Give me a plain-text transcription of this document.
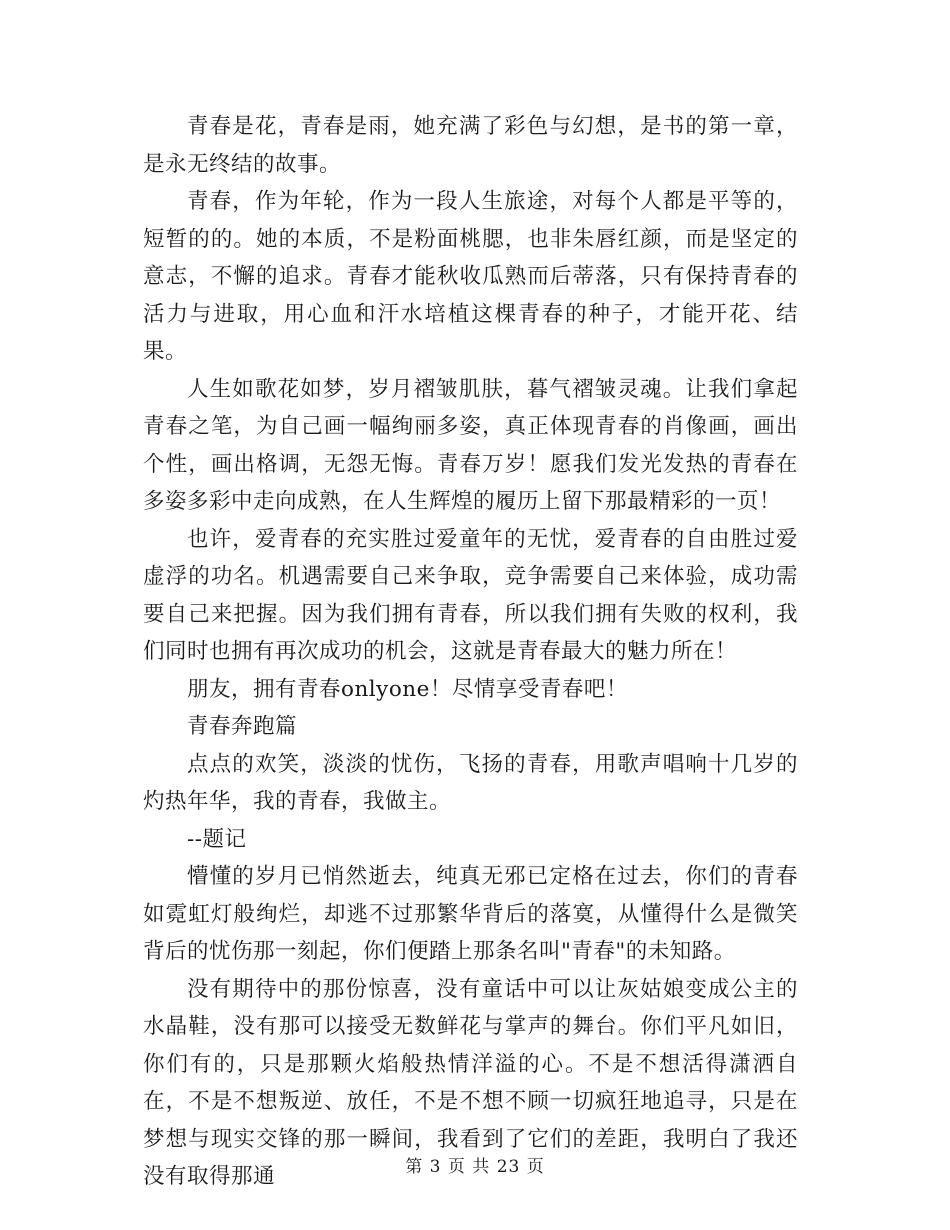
青春是花，青春是雨，她充满了彩色与幻想，是书的第一章，是永无终结的故事。

青春，作为年轮，作为一段人生旅途，对每个人都是平等的，短暂的的。她的本质，不是粉面桃腮，也非朱唇红颜，而是坚定的意志，不懈的追求。青春才能秋收瓜熟而后蒂落，只有保持青春的活力与进取，用心血和汗水培植这棵青春的种子，才能开花、结果。

人生如歌花如梦，岁月褶皱肌肤，暮气褶皱灵魂。让我们拿起青春之笔，为自己画一幅绚丽多姿，真正体现青春的肖像画，画出个性，画出格调，无怨无悔。青春万岁！愿我们发光发热的青春在多姿多彩中走向成熟，在人生辉煌的履历上留下那最精彩的一页！

也许，爱青春的充实胜过爱童年的无忧，爱青春的自由胜过爱虚浮的功名。机遇需要自己来争取，竞争需要自己来体验，成功需要自己来把握。因为我们拥有青春，所以我们拥有失败的权利，我们同时也拥有再次成功的机会，这就是青春最大的魅力所在！

朋友，拥有青春onlyone！尽情享受青春吧！

青春奔跑篇

点点的欢笑，淡淡的忧伤，飞扬的青春，用歌声唱响十几岁的灼热年华，我的青春，我做主。

--题记

懵懂的岁月已悄然逝去，纯真无邪已定格在过去，你们的青春如霓虹灯般绚烂，却逃不过那繁华背后的落寞，从懂得什么是微笑背后的忧伤那一刻起，你们便踏上那条名叫"青春"的未知路。

没有期待中的那份惊喜，没有童话中可以让灰姑娘变成公主的水晶鞋，没有那可以接受无数鲜花与掌声的舞台。你们平凡如旧，你们有的，只是那颗火焰般热情洋溢的心。不是不想活得潇洒自在，不是不想叛逆、放任，不是不想不顾一切疯狂地追寻，只是在梦想与现实交锋的那一瞬间，我看到了它们的差距，我明白了我还没有取得那通	第 3 页 共 23 页
